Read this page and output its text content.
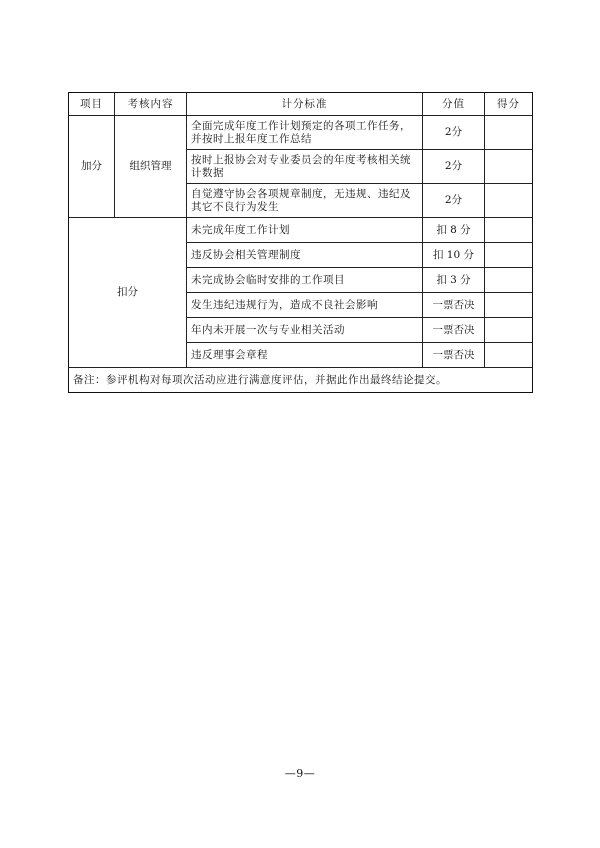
项目	考核内容	计分标准	分值	得分
加分	组织管理	全面完成年度工作计划预定的各项工作任务，并按时上报年度工作总结	2分	
		按时上报协会对专业委员会的年度考核相关统计数据	2分	
		自觉遵守协会各项规章制度，无违规、违纪及其它不良行为发生	2分	
扣分		未完成年度工作计划	扣 8 分	
		违反协会相关管理制度	扣 10 分	
		未完成协会临时安排的工作项目	扣 3 分	
		发生违纪违规行为，造成不良社会影响	一票否决	
		年内未开展一次与专业相关活动	一票否决	
		违反理事会章程	一票否决	
备注：参评机构对每项次活动应进行满意度评估，并据此作出最终结论提交。				
—9—
